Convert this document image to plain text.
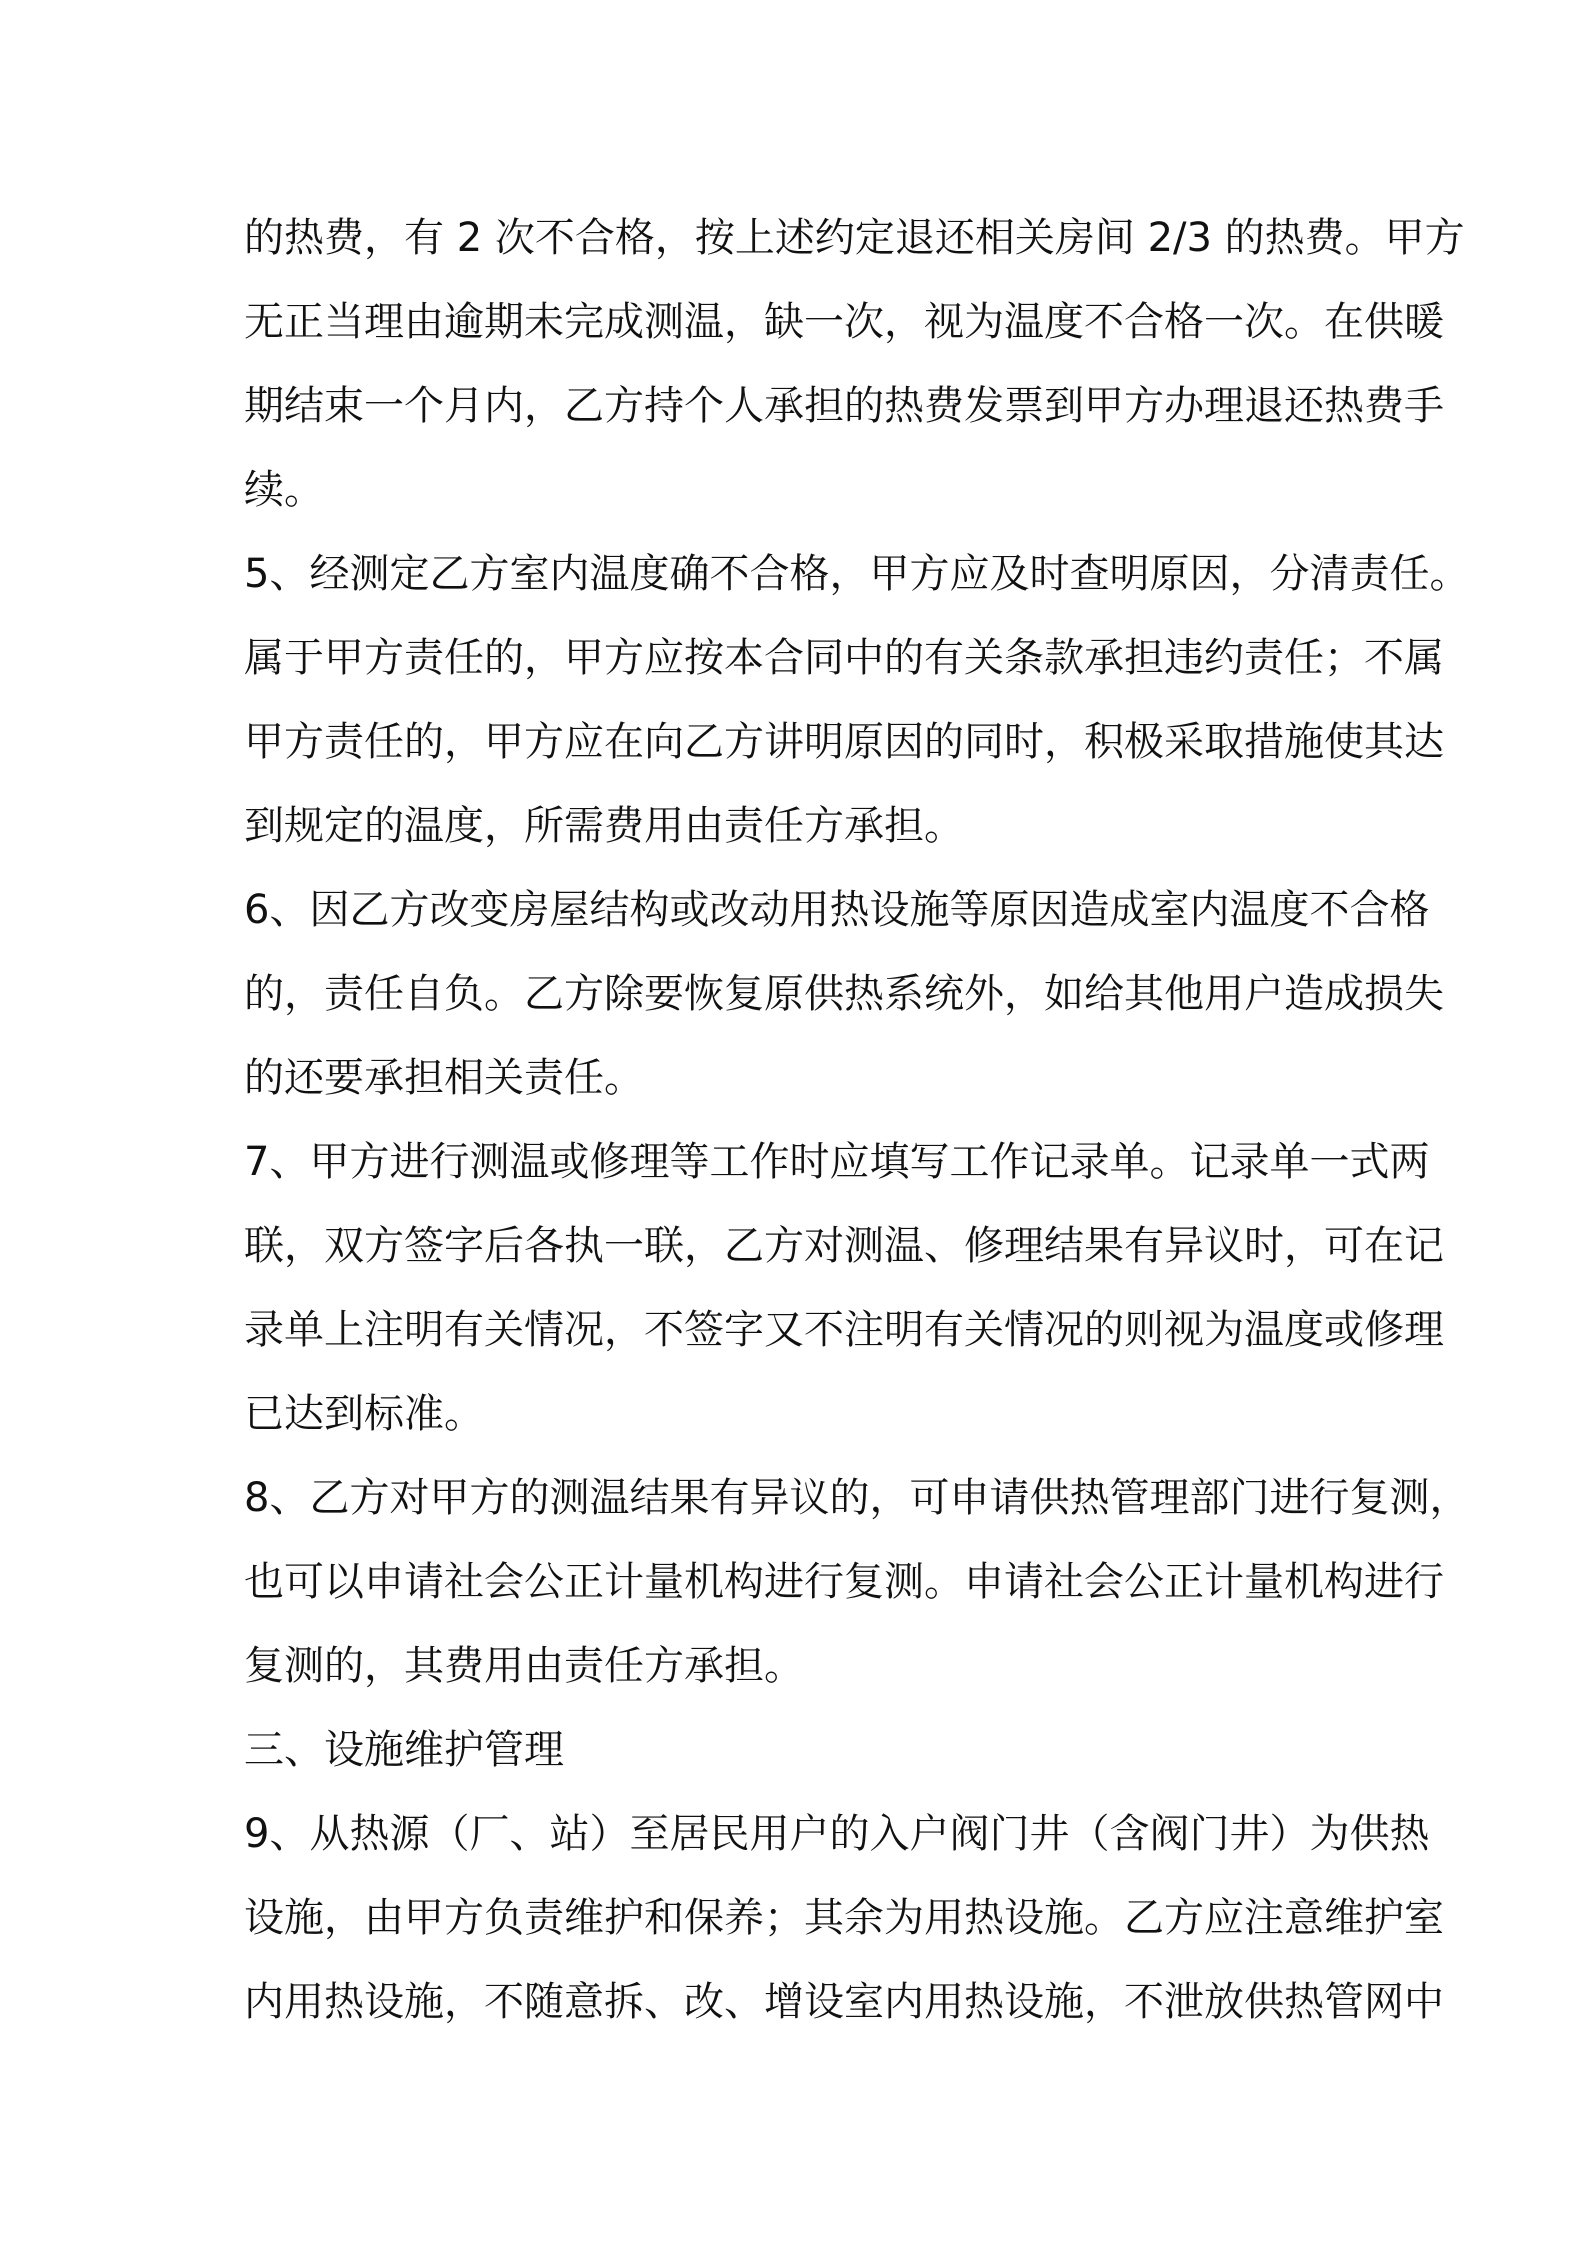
的热费，有 2 次不合格，按上述约定退还相关房间 2/3 的热费。甲方
无正当理由逾期未完成测温，缺一次，视为温度不合格一次。在供暖
期结束一个月内，乙方持个人承担的热费发票到甲方办理退还热费手
续。
5、经测定乙方室内温度确不合格，甲方应及时查明原因，分清责任。
属于甲方责任的，甲方应按本合同中的有关条款承担违约责任；不属
甲方责任的，甲方应在向乙方讲明原因的同时，积极采取措施使其达
到规定的温度，所需费用由责任方承担。
6、因乙方改变房屋结构或改动用热设施等原因造成室内温度不合格
的，责任自负。乙方除要恢复原供热系统外，如给其他用户造成损失
的还要承担相关责任。
7、甲方进行测温或修理等工作时应填写工作记录单。记录单一式两
联，双方签字后各执一联，乙方对测温、修理结果有异议时，可在记
录单上注明有关情况，不签字又不注明有关情况的则视为温度或修理
已达到标准。
8、乙方对甲方的测温结果有异议的，可申请供热管理部门进行复测，
也可以申请社会公正计量机构进行复测。申请社会公正计量机构进行
复测的，其费用由责任方承担。
三、设施维护管理
9、从热源（厂、站）至居民用户的入户阀门井（含阀门井）为供热
设施，由甲方负责维护和保养；其余为用热设施。乙方应注意维护室
内用热设施，不随意拆、改、增设室内用热设施，不泄放供热管网中
